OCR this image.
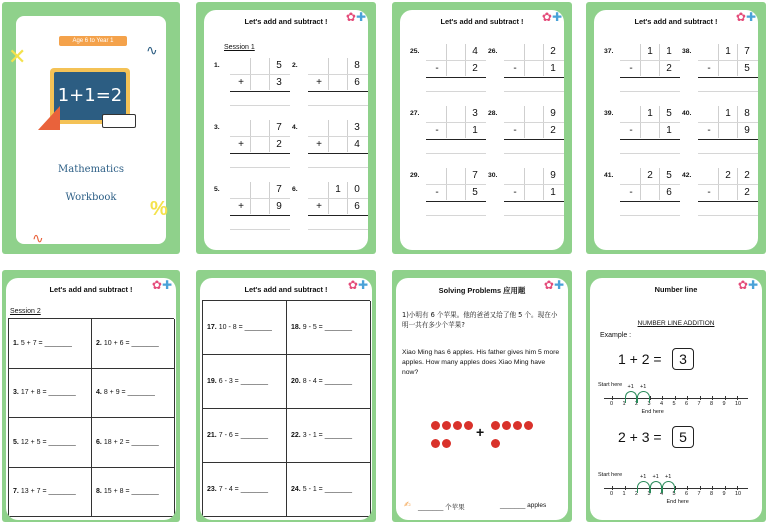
Age 6 to Year 1
1+1=2
Mathematics
Workbook
✕
%
∿
∿
Let's add and subtract !
Session 1
1.	5
+	3
2.	8
+	6
3.	7
+	2
4.	3
+	4
5.	7
+	9
6.	1	0
+	6
✿✚	Let's add and subtract !
25.	4
-	2
26.	2
-	1
27.	3
-	1
28.	9
-	2
29.	7
-	5
30.	9
-	1
✿✚	Let's add and subtract !
37.	1	1
-	2
38.	1	7
-	5
39.	1	5
-	1
40.	1	8
-	9
41.	2	5
-	6
42.	2	2
-	2
✿✚
Let's add and subtract !
Session 2
1. 5 + 7 = _______	2. 10 + 6 = _______
3. 17 + 8 = _______	4. 8 + 9 = _______
5. 12 + 5 = _______	6. 18 + 2 = _______
7. 13 + 7 = _______	8. 15 + 8 = _______
✿✚	Let's add and subtract !
17. 10 - 8 = _______	18. 9 - 5 = _______
19. 6 - 3 = _______	20. 8 - 4 = _______
21. 7 - 6 = _______	22. 3 - 1 = _______
23. 7 - 4 = _______	24. 5 - 1 = _______
✿✚	Solving Problems 应用题
1)小明有 6 个苹果。他的爸爸又给了他 5 个。现在小明一共有多少个苹果?
Xiao Ming has 6 apples. His father gives him 5 more apples. How many apples does Xiao Ming have now?
+
✍ _______ 个苹果	_______ apples
✿✚	Number line
NUMBER LINE ADDITION
Example :
1 + 2 =	3
0 1 2 3 4 5 6 7 8 9 10
+1 +1
Start here
End here
2 + 3 =	5
0 1 2 3 4 5 6 7 8 9 10
+1 +1 +1
Start here
End here
✿✚
